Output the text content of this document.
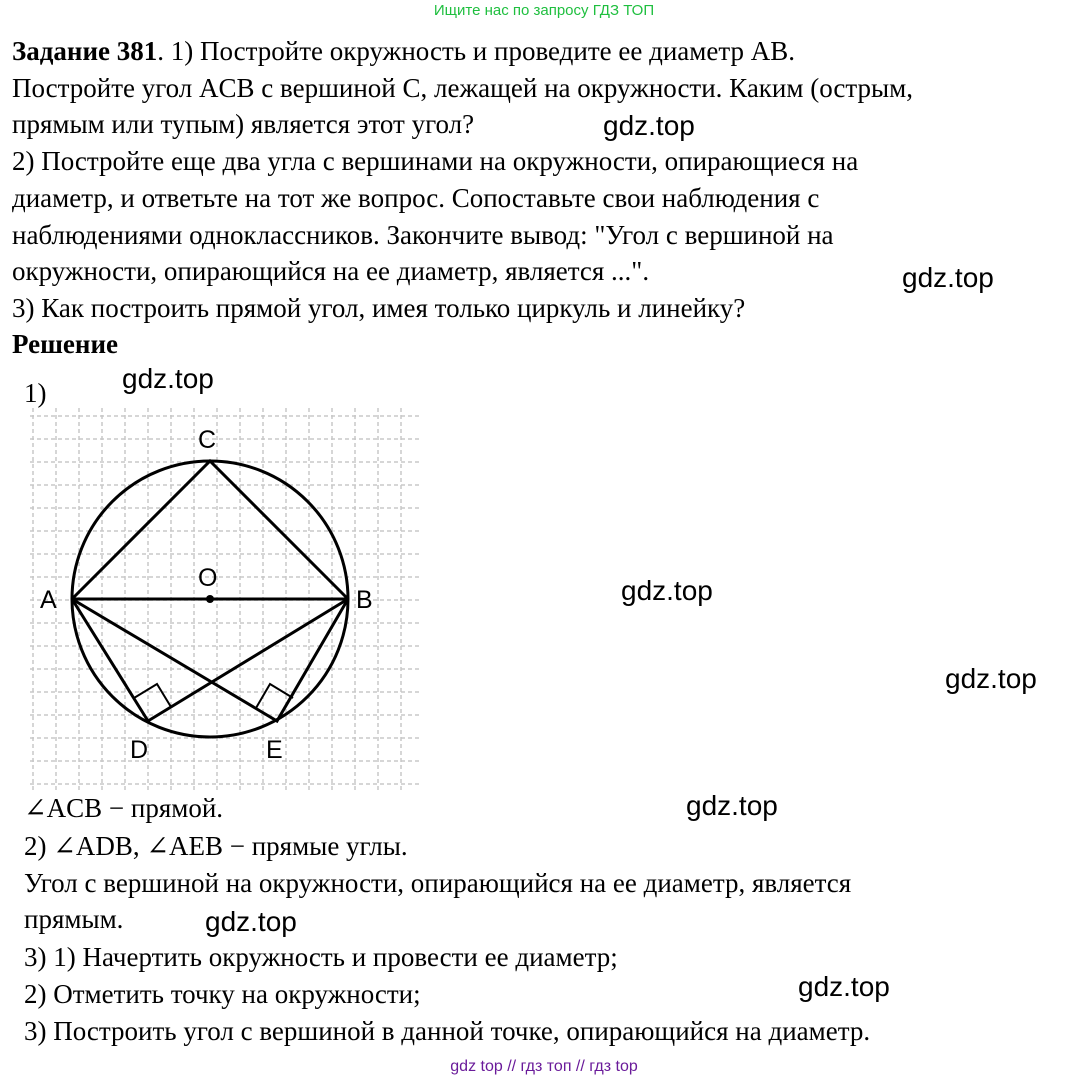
Ищите нас по запросу ГДЗ ТОП
Задание 381. 1) Постройте окружность и проведите ее диаметр AB.
Постройте угол ACB с вершиной C, лежащей на окружности. Каким (острым,
прямым или тупым) является этот угол?
2) Постройте еще два угла с вершинами на окружности, опирающиеся на
диаметр, и ответьте на тот же вопрос. Сопоставьте свои наблюдения с
наблюдениями одноклассников. Закончите вывод: "Угол с вершиной на
окружности, опирающийся на ее диаметр, является ...".
3) Как построить прямой угол, имея только циркуль и линейку?
Решение
1)
C
O
A	B
D	E
∠ACB − прямой.
2) ∠ADB, ∠AEB − прямые углы.
Угол с вершиной на окружности, опирающийся на ее диаметр, является
прямым.
3) 1) Начертить окружность и провести ее диаметр;
2) Отметить точку на окружности;
3) Построить угол с вершиной в данной точке, опирающийся на диаметр.
gdz.top
gdz.top
gdz.top
gdz.top
gdz.top
gdz.top
gdz.top
gdz.top
gdz top // гдз топ // гдз top
